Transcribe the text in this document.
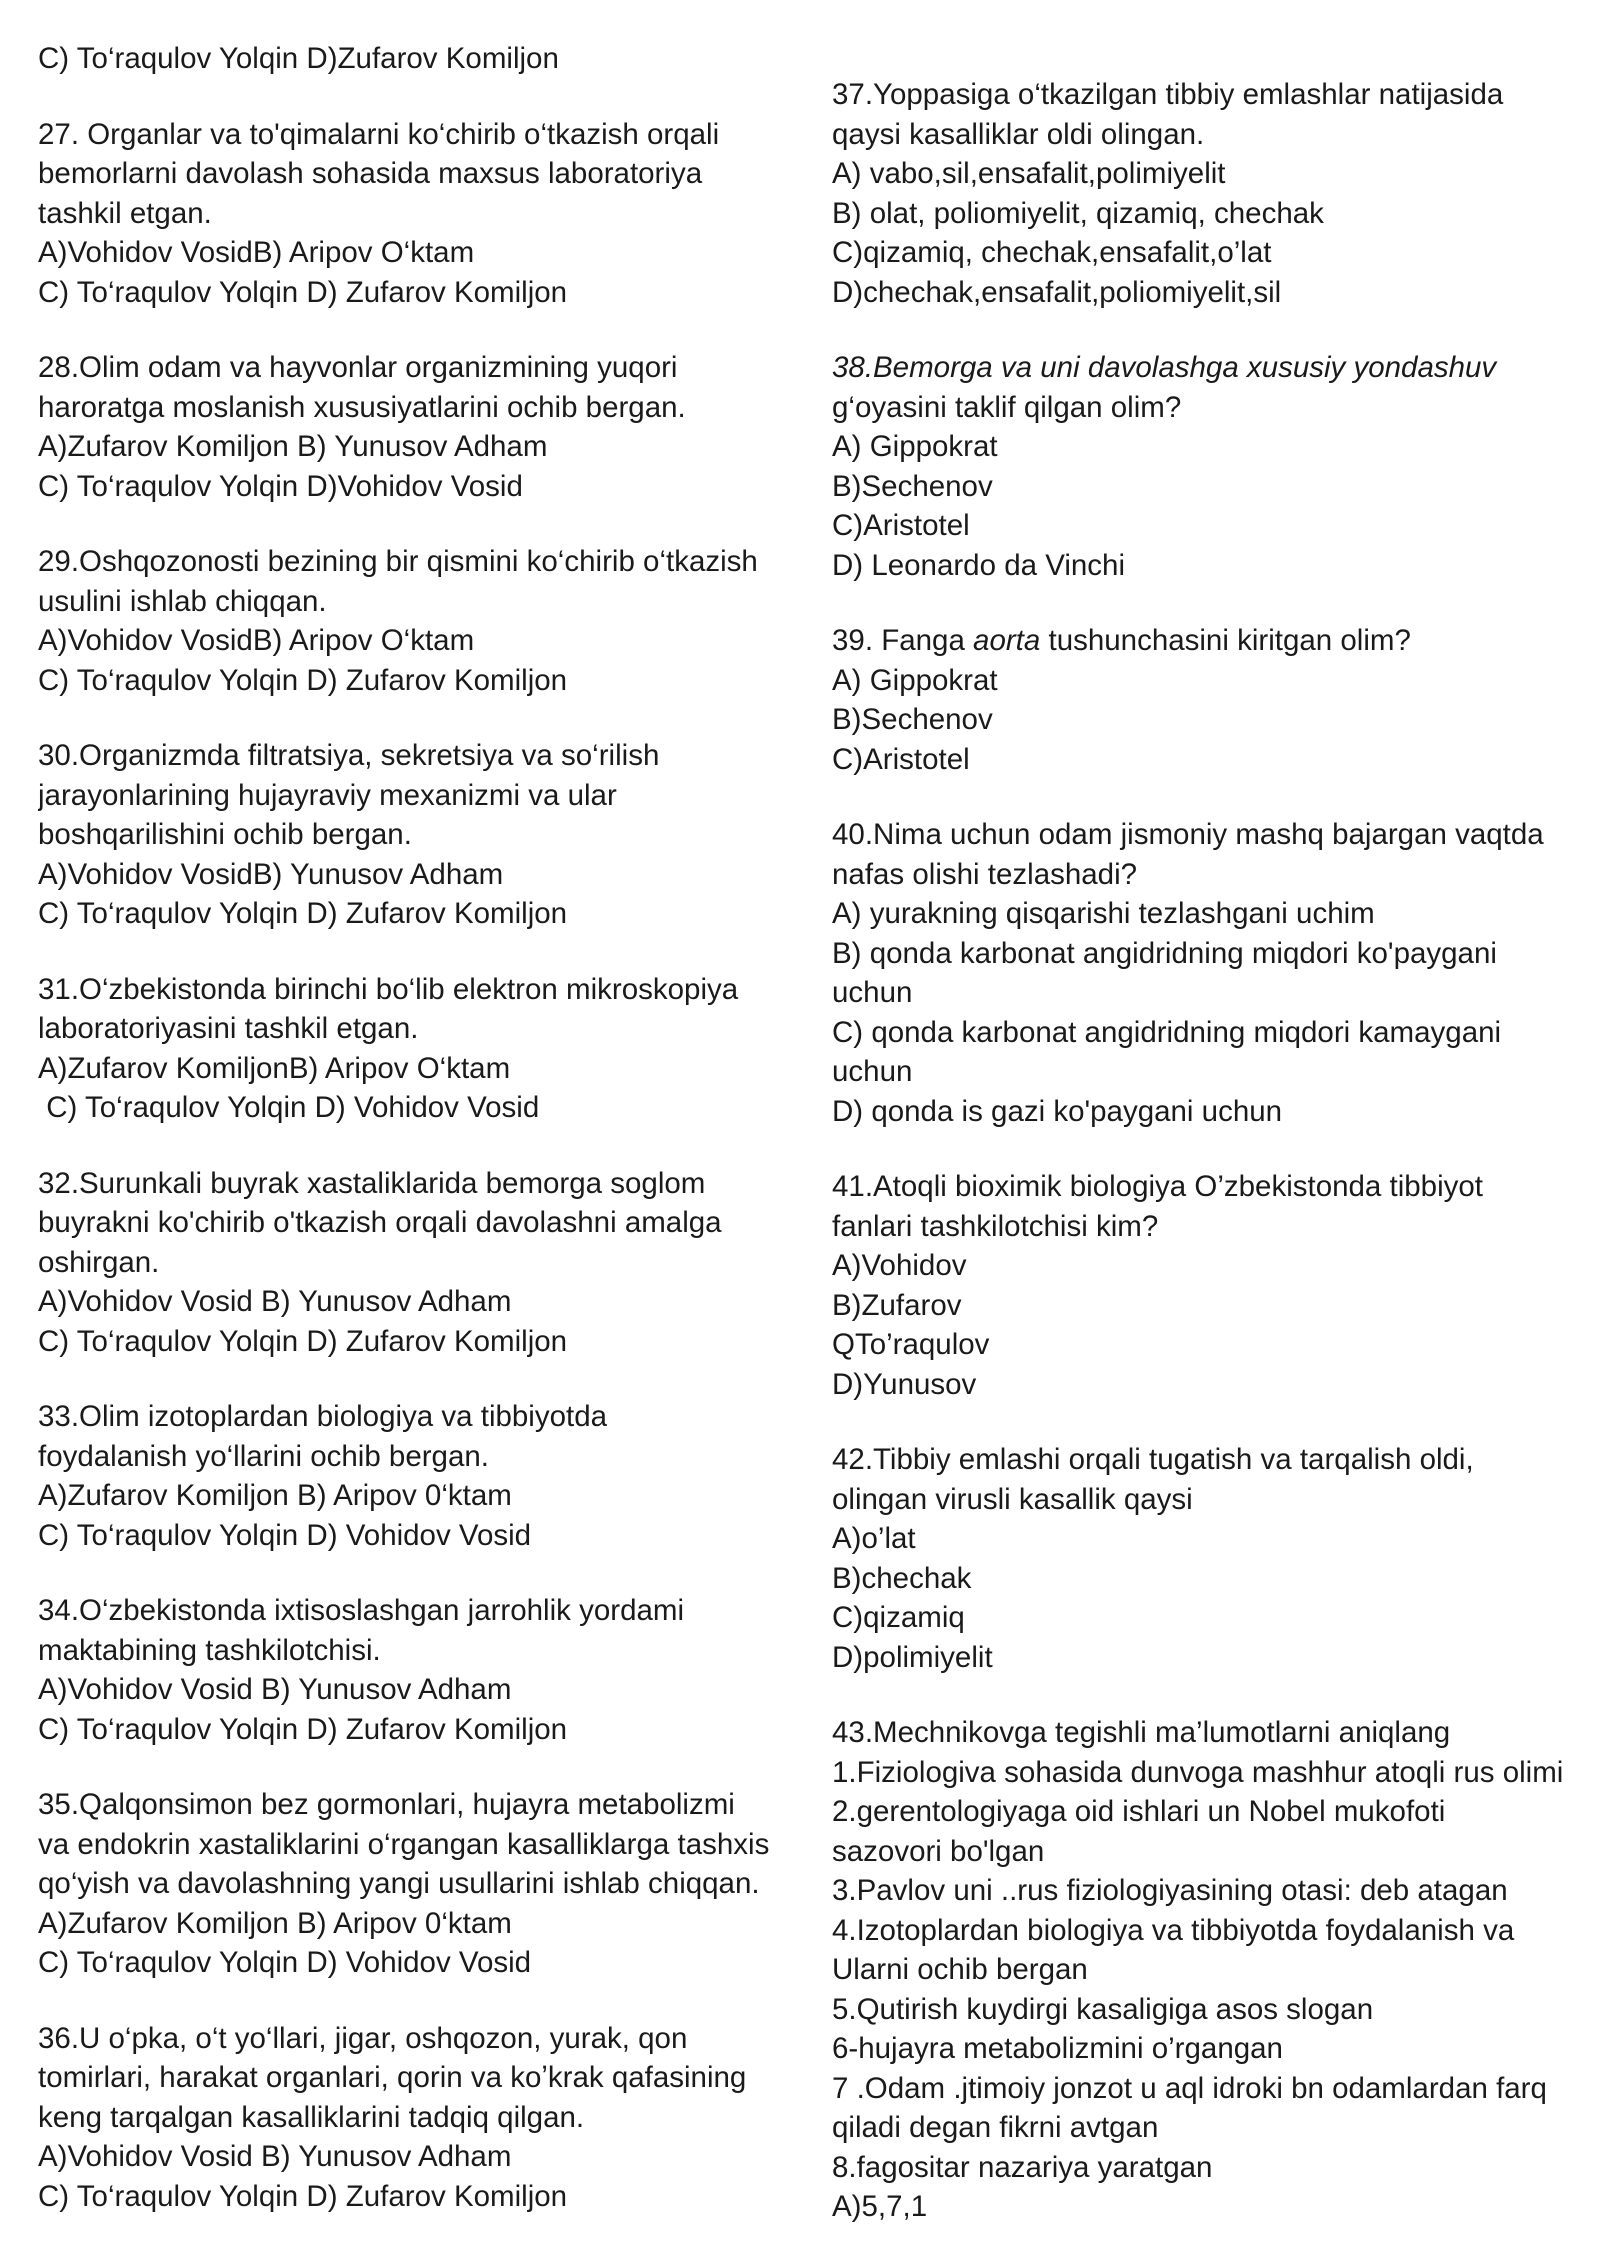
C) To‘raqulov Yolqin D)Zufarov Komiljon
27. Organlar va to'qimalarni ko‘chirib o‘tkazish orqali
bemorlarni davolash sohasida maxsus laboratoriya
tashkil etgan.
A)Vohidov VosidB) Aripov O‘ktam
C) To‘raqulov Yolqin D) Zufarov Komiljon
28.Olim odam va hayvonlar organizmining yuqori
haroratga moslanish xususiyatlarini ochib bergan.
A)Zufarov Komiljon B) Yunusov Adham
C) To‘raqulov Yolqin D)Vohidov Vosid
29.Oshqozonosti bezining bir qismini ko‘chirib o‘tkazish
usulini ishlab chiqqan.
A)Vohidov VosidB) Aripov O‘ktam
C) To‘raqulov Yolqin D) Zufarov Komiljon
30.Organizmda filtratsiya, sekretsiya va so‘rilish
jarayonlarining hujayraviy mexanizmi va ular
boshqarilishini ochib bergan.
A)Vohidov VosidB) Yunusov Adham
C) To‘raqulov Yolqin D) Zufarov Komiljon
31.O‘zbekistonda birinchi bo‘lib elektron mikroskopiya
laboratoriyasini tashkil etgan.
A)Zufarov KomiljonB) Aripov O‘ktam
C) To‘raqulov Yolqin D) Vohidov Vosid
32.Surunkali buyrak xastaliklarida bemorga soglom
buyrakni ko'chirib o'tkazish orqali davolashni amalga
oshirgan.
A)Vohidov Vosid B) Yunusov Adham
C) To‘raqulov Yolqin D) Zufarov Komiljon
33.Olim izotoplardan biologiya va tibbiyotda
foydalanish yo‘llarini ochib bergan.
A)Zufarov Komiljon B) Aripov 0‘ktam
C) To‘raqulov Yolqin D) Vohidov Vosid
34.O‘zbekistonda ixtisoslashgan jarrohlik yordami
maktabining tashkilotchisi.
A)Vohidov Vosid B) Yunusov Adham
C) To‘raqulov Yolqin D) Zufarov Komiljon
35.Qalqonsimon bez gormonlari, hujayra metabolizmi
va endokrin xastaliklarini o‘rgangan kasalliklarga tashxis
qo‘yish va davolashning yangi usullarini ishlab chiqqan.
A)Zufarov Komiljon B) Aripov 0‘ktam
C) To‘raqulov Yolqin D) Vohidov Vosid
36.U o‘pka, o‘t yo‘llari, jigar, oshqozon, yurak, qon
tomirlari, harakat organlari, qorin va koʼkrak qafasining
keng tarqalgan kasalliklarini tadqiq qilgan.
A)Vohidov Vosid B) Yunusov Adham
C) To‘raqulov Yolqin D) Zufarov Komiljon
37.Yoppasiga o‘tkazilgan tibbiy emlashlar natijasida
qaysi kasalliklar oldi olingan.
A) vabo,sil,ensafalit,polimiyelit
B) olat, poliomiyelit, qizamiq, chechak
C)qizamiq, chechak,ensafalit,o’lat
D)chechak,ensafalit,poliomiyelit,sil
38.Bemorga va uni davolashga xususiy yondashuv
g‘oyasini taklif qilgan olim?
A) Gippokrat
B)Sechenov
C)Aristotel
D) Leonardo da Vinchi
39. Fanga aorta tushunchasini kiritgan olim?
A) Gippokrat
B)Sechenov
C)Aristotel
40.Nima uchun odam jismoniy mashq bajargan vaqtda
nafas olishi tezlashadi?
A) yurakning qisqarishi tezlashgani uchim
B) qonda karbonat angidridning miqdori ko'paygani
uchun
C) qonda karbonat angidridning miqdori kamaygani
uchun
D) qonda is gazi ko'paygani uchun
41.Atoqli bioximik biologiya O’zbekistonda tibbiyot
fanlari tashkilotchisi kim?
A)Vohidov
B)Zufarov
QTo’raqulov
D)Yunusov
42.Tibbiy emlashi orqali tugatish va tarqalish oldi,
olingan virusli kasallik qaysi
A)o’lat
B)chechak
C)qizamiq
D)polimiyelit
43.Mechnikovga tegishli ma’lumotlarni aniqlang
1.Fiziologiva sohasida dunvoga mashhur atoqli rus olimi
2.gerentologiyaga oid ishlari un Nobel mukofoti
sazovori bo'lgan
3.Pavlov uni ..rus fiziologiyasining otasi: deb atagan
4.Izotoplardan biologiya va tibbiyotda foydalanish va
Ularni ochib bergan
5.Qutirish kuydirgi kasaligiga asos slogan
6-hujayra metabolizmini o’rgangan
7 .Odam .jtimoiy jonzot u aql idroki bn odamlardan farq
qiladi degan fikrni avtgan
8.fagositar nazariya yaratgan
A)5,7,1
